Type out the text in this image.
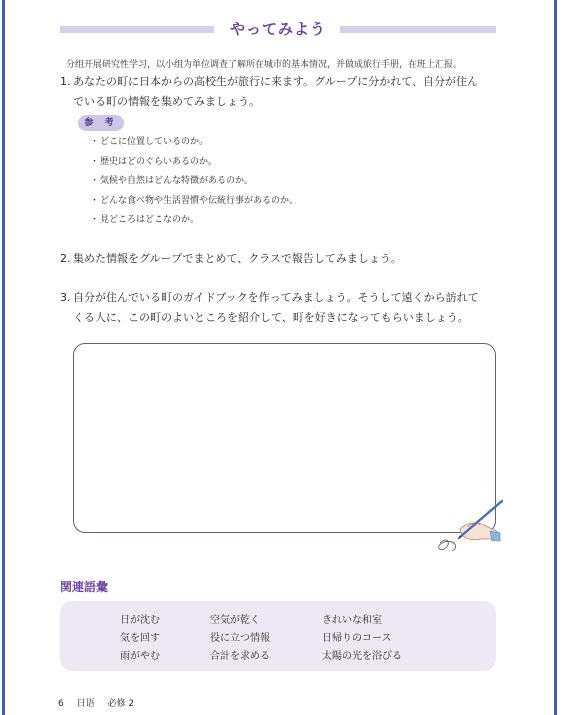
やってみよう
分组开展研究性学习，以小组为单位调查了解所在城市的基本情况，并做成旅行手册，在班上汇报。
1. あなたの町に日本からの高校生が旅行に来ます。グループに分かれて、自分が住ん
でいる町の情報を集めてみましょう。
参 考
・どこに位置しているのか。
・歴史はどのぐらいあるのか。
・気候や自然はどんな特徴があるのか。
・どんな食べ物や生活習慣や伝統行事があるのか。
・見どころはどこなのか。
2. 集めた情報をグループでまとめて、クラスで報告してみましょう。
3. 自分が住んでいる町のガイドブックを作ってみましょう。そうして遠くから訪れて
くる人に、この町のよいところを紹介して、町を好きになってもらいましょう。
関連語彙
日が沈む
気を回す
雨がやむ
空気が乾く
役に立つ情報
合計を求める
きれいな和室
日帰りのコース
太陽の光を浴びる
6 日语 必修 2
